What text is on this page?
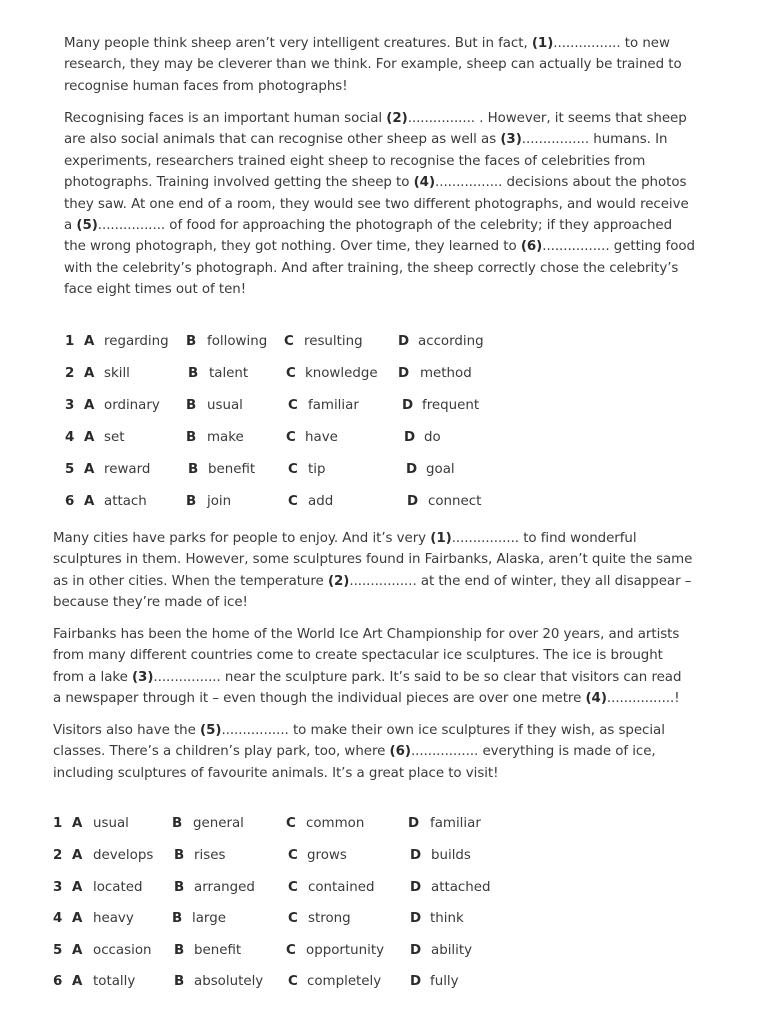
Many people think sheep aren’t very intelligent creatures. But in fact, (1)................ to new research, they may be cleverer than we think. For example, sheep can actually be trained to recognise human faces from photographs!

Recognising faces is an important human social (2)................ . However, it seems that sheep are also social animals that can recognise other sheep as well as (3)................ humans. In experiments, researchers trained eight sheep to recognise the faces of celebrities from photographs. Training involved getting the sheep to (4)................ decisions about the photos they saw. At one end of a room, they would see two different photographs, and would receive a (5)................ of food for approaching the photograph of the celebrity; if they approached the wrong photograph, they got nothing. Over time, they learned to (6)................ getting food with the celebrity’s photograph. And after training, the sheep correctly chose the celebrity’s face eight times out of ten!

1 A regarding B following C resulting	D according
2 A skill	B talent	C knowledge D method
3 A ordinary B usual	C familiar	D frequent
4 A set	B make	C have	D do
5 A reward	B benefit C tip	D goal
6 A attach	B join	C add	D connect

Many cities have parks for people to enjoy. And it’s very (1)................ to find wonderful sculptures in them. However, some sculptures found in Fairbanks, Alaska, aren’t quite the same as in other cities. When the temperature (2)................ at the end of winter, they all disappear – because they’re made of ice!

Fairbanks has been the home of the World Ice Art Championship for over 20 years, and artists from many different countries come to create spectacular ice sculptures. The ice is brought from a lake (3)................ near the sculpture park. It’s said to be so clear that visitors can read a newspaper through it – even though the individual pieces are over one metre (4)................!

Visitors also have the (5)................ to make their own ice sculptures if they wish, as special classes. There’s a children’s play park, too, where (6)................ everything is made of ice, including sculptures of favourite animals. It’s a great place to visit!

1 A usual	B general	C common	D familiar
2 A develops B rises	C grows	D builds
3 A located B arranged C contained	D attached
4 A heavy	B large	C strong	D think
5 A occasion B benefit	C opportunity D ability
6 A totally	B absolutely C completely D fully
